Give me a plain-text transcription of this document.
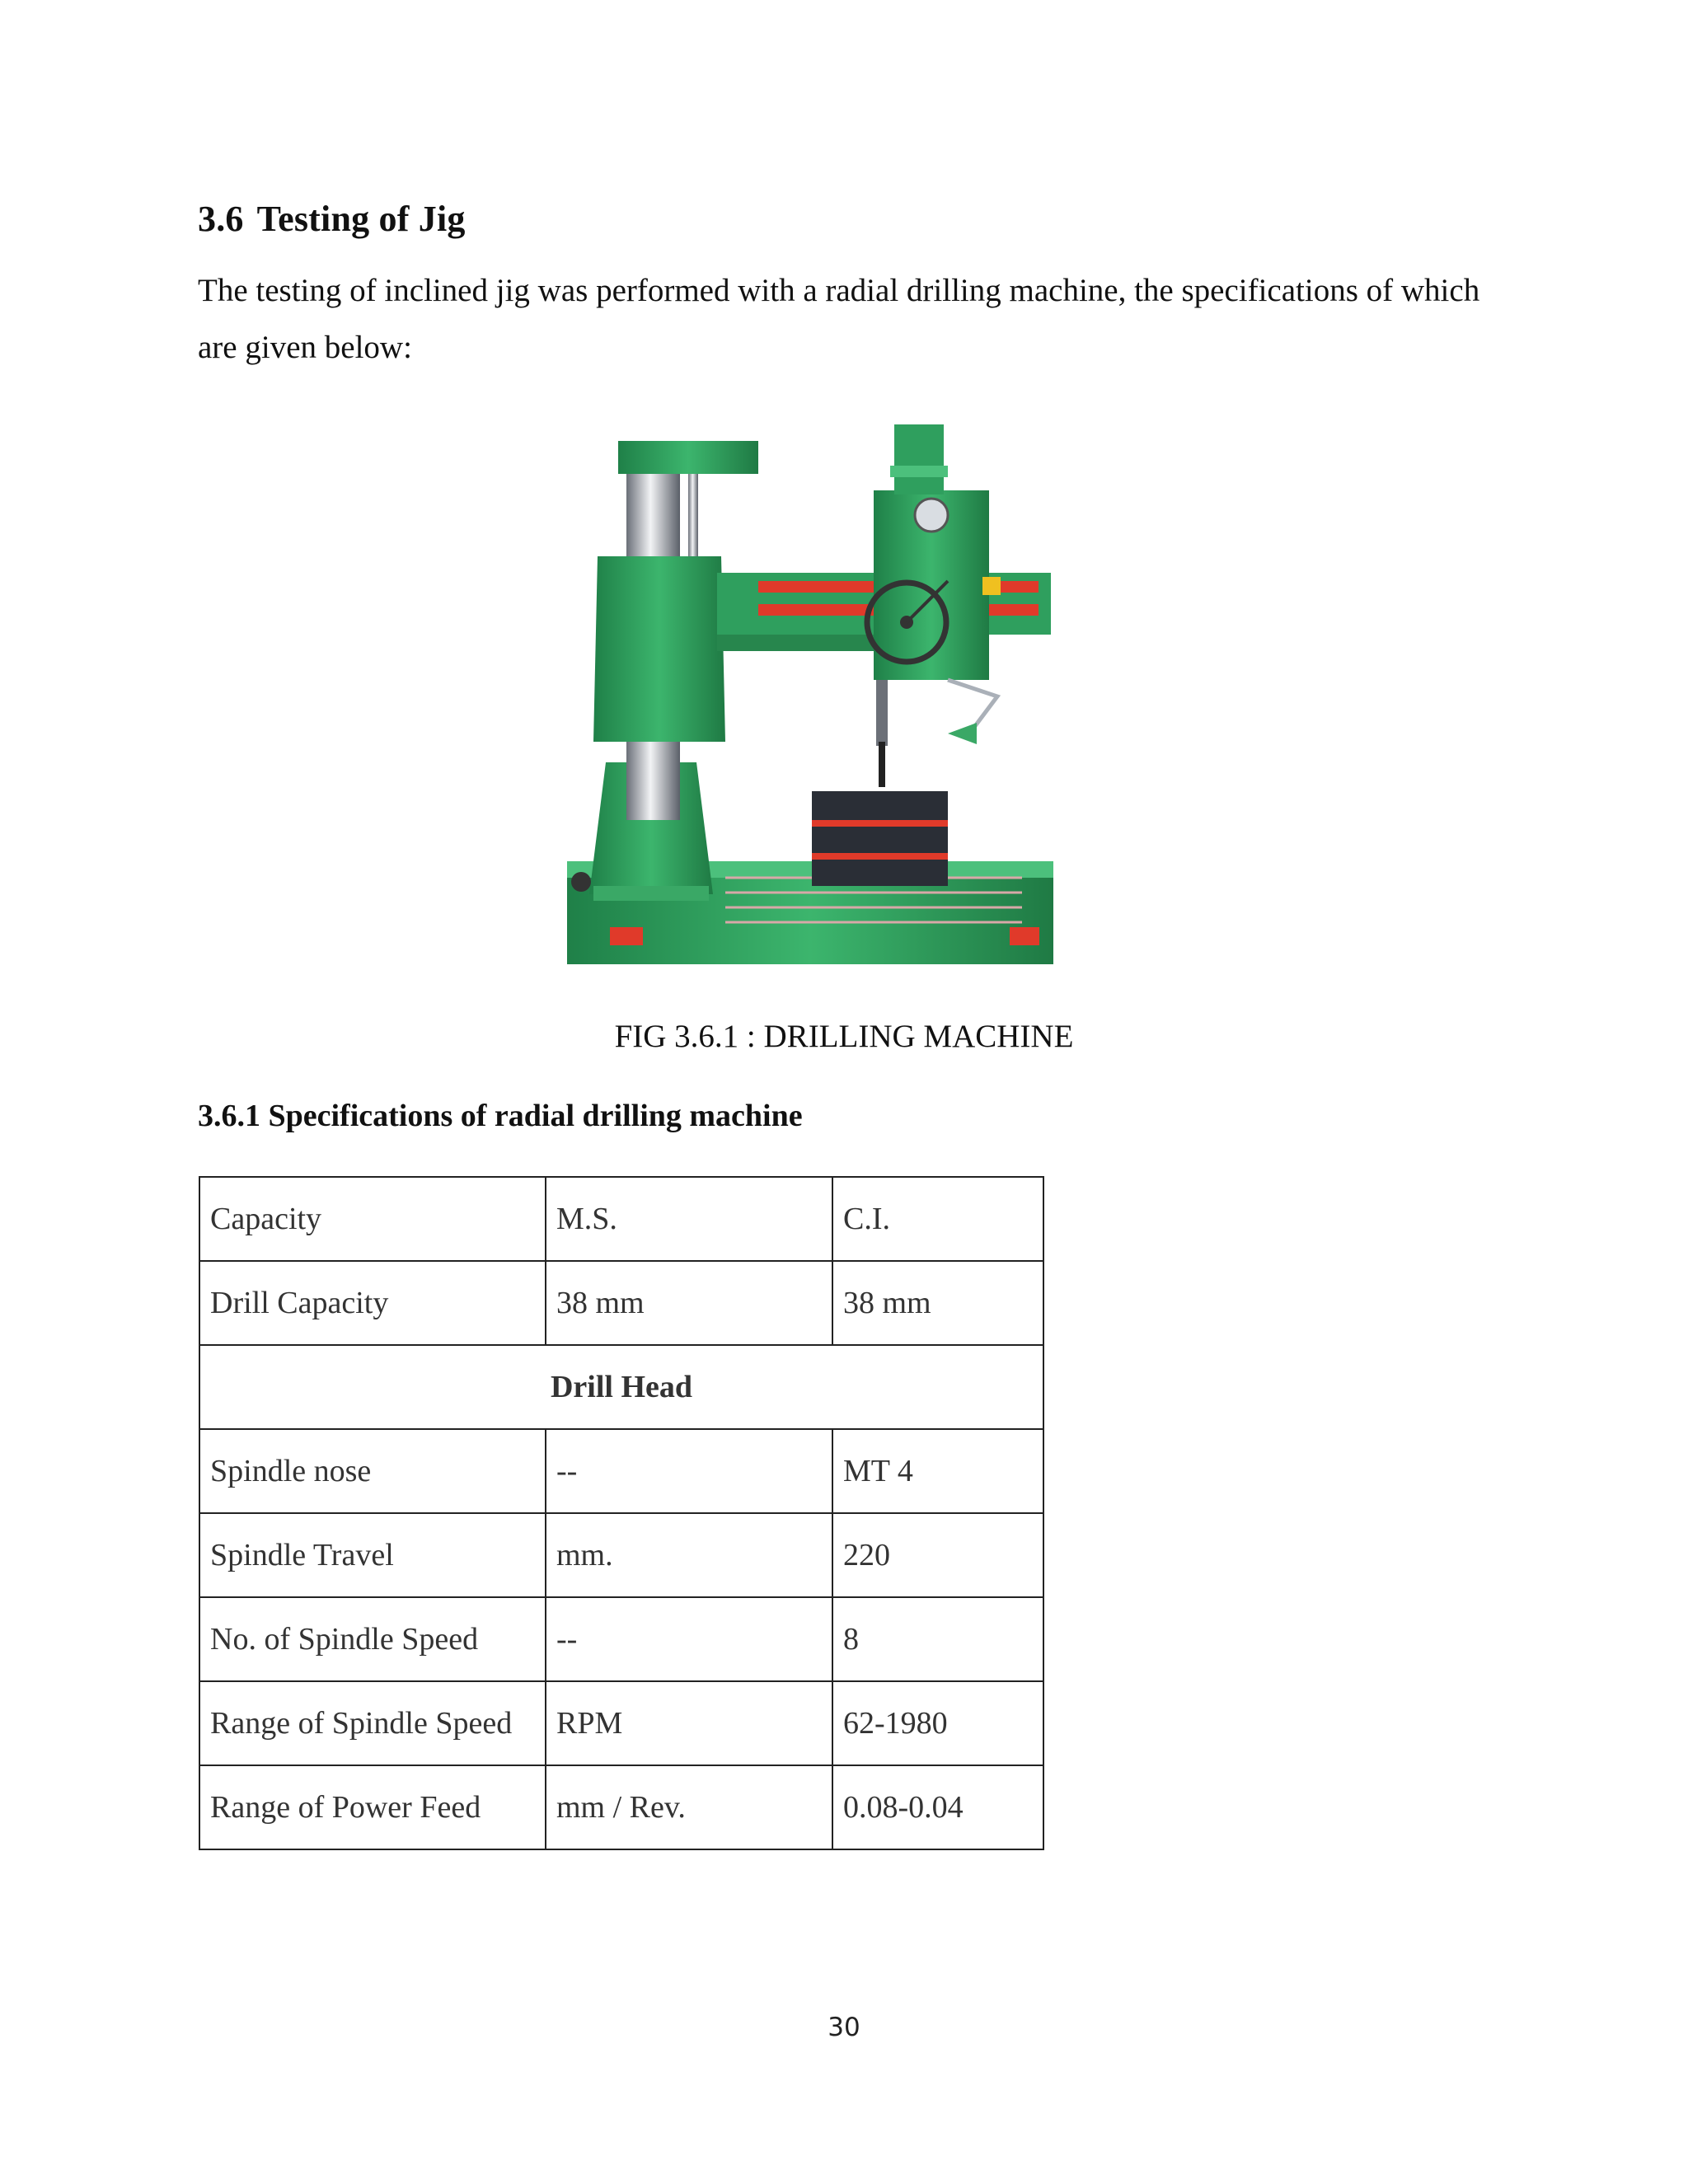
3.6 Testing of Jig

The testing of inclined jig was performed with a radial drilling machine, the specifications of which are given below:

FIG 3.6.1 : DRILLING MACHINE
3.6.1 Specifications of radial drilling machine
Capacity	M.S.	C.I.
Drill Capacity	38 mm	38 mm
Drill Head		
Spindle nose	--	MT 4
Spindle Travel	mm.	220
No. of Spindle Speed	--	8
Range of Spindle Speed	RPM	62-1980
Range of Power Feed	mm / Rev.	0.08-0.04
30
